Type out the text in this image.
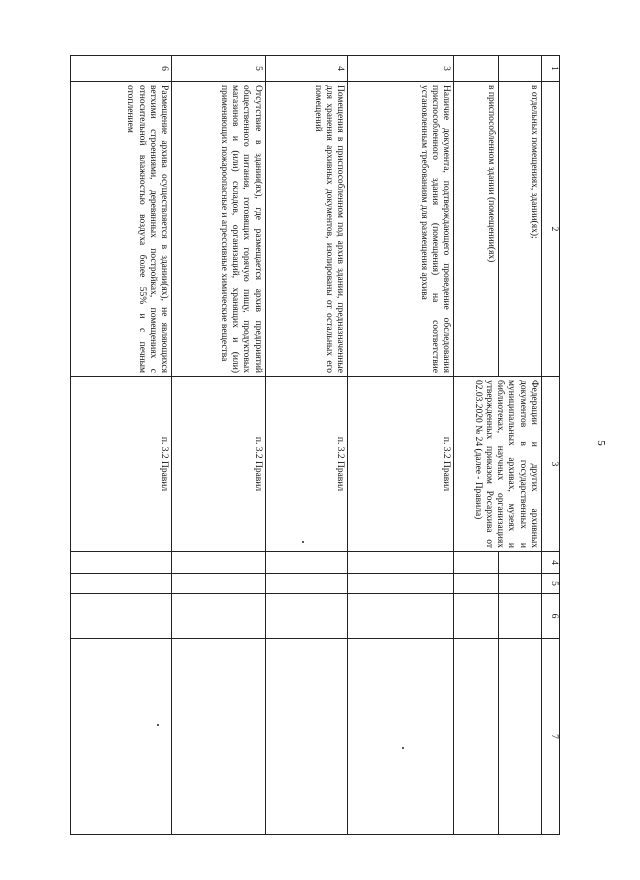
5
1	2	3	4	5	6	7
	в отдельных помещениях, здании(ях);	Федерации и других архивных документов в государственных и муниципальных архивах, музеях и библиотеках, научных организациях утвержденных приказом Росархива от 02.03.2020 № 24 (далее - Правила)				
	в приспособленном здании (помещении(ях)					
3	Наличие документа, подтверждающего проведение обследования приспособленного здания (помещения) на соответствие установленным требованиям для размещения архива	п. 3.2 Правил				
4	Помещения в приспособленном под архив здании, предназначенные для хранения архивных документов, изолированы от остальных его помещений	п. 3.2 Правил				
5	Отсутствие в здании(ях), где размещается архив предприятий общественного питания, готовящих горячую пищу, продуктовых магазинов и (или) складов, организаций, хранящих и (или) применяющих пожароопасные и агрессивные химические вещества	п. 3.2 Правил				
6	Размещение архива осуществляется в здании(ях), не являющихся ветхими строениями, деревянных постройках, помещениях с относительной влажностью воздуха более 55% и с печным отоплением	п. 3.2 Правил				
